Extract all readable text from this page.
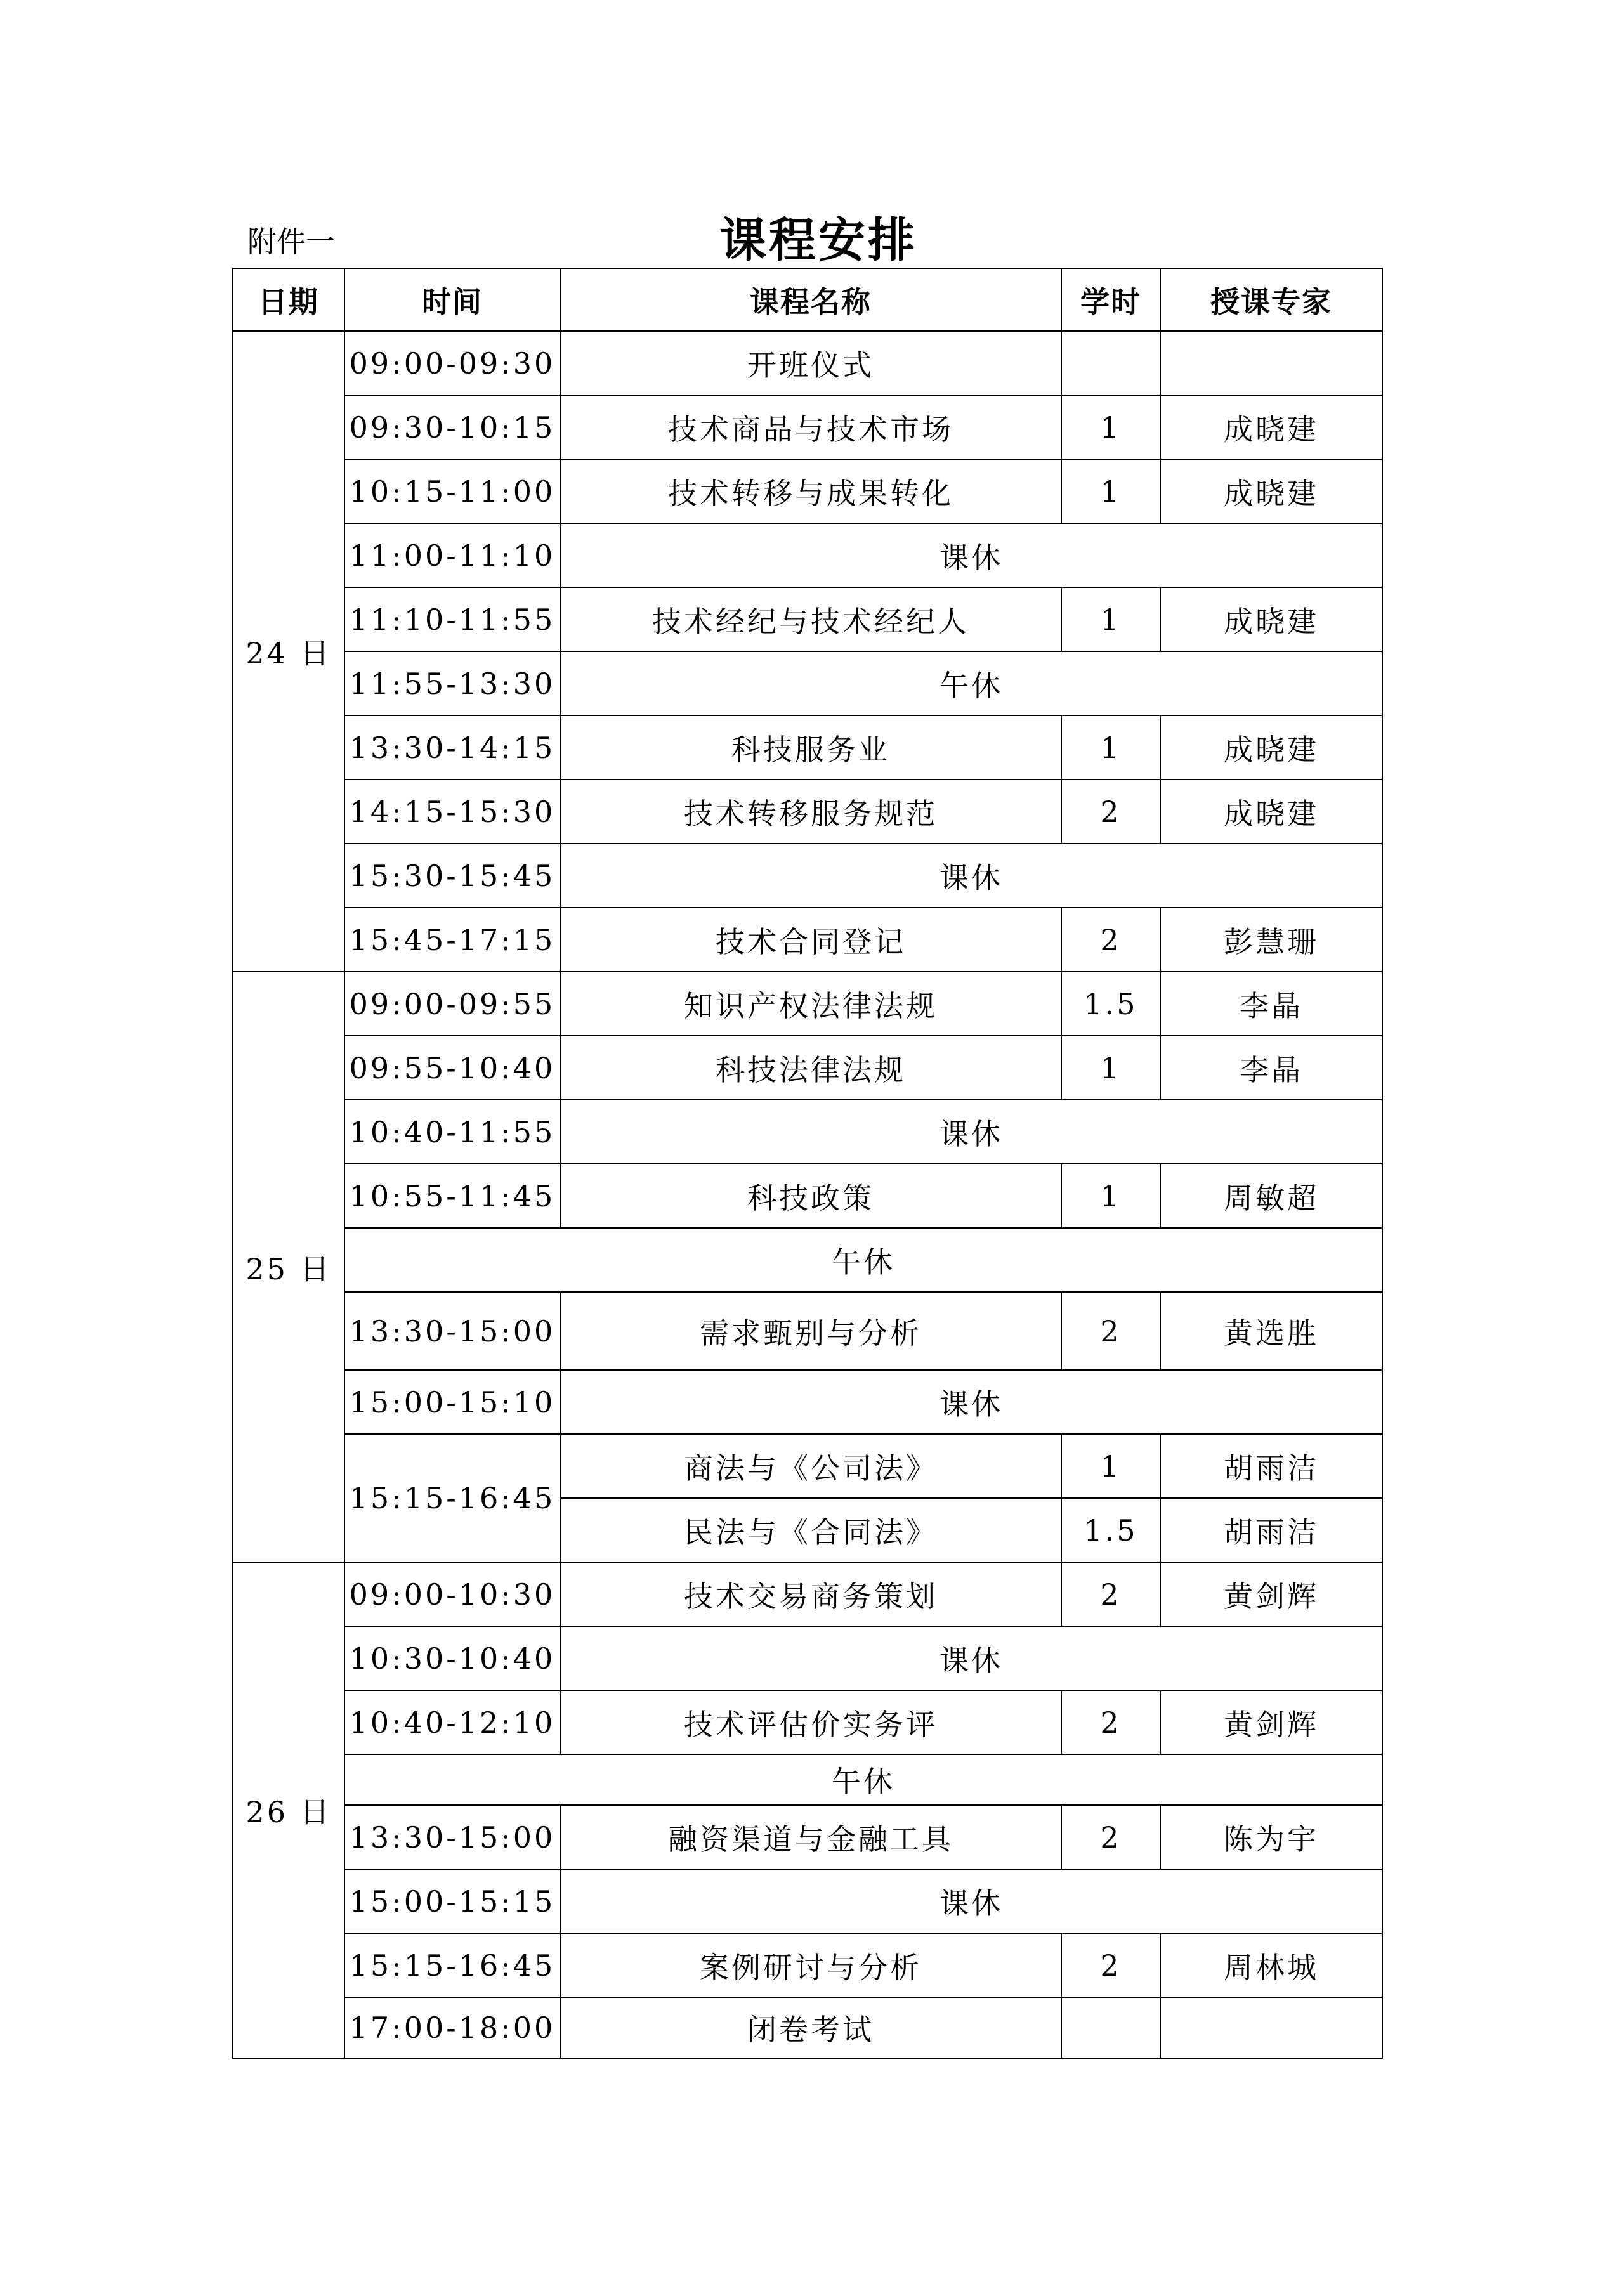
附件一	课程安排
日期	时间	课程名称	学时	授课专家
24 日	09:00-09:30	开班仪式		
	09:30-10:15	技术商品与技术市场	1	成晓建
	10:15-11:00	技术转移与成果转化	1	成晓建
	11:00-11:10	课休		
	11:10-11:55	技术经纪与技术经纪人	1	成晓建
	11:55-13:30	午休		
	13:30-14:15	科技服务业	1	成晓建
	14:15-15:30	技术转移服务规范	2	成晓建
	15:30-15:45	课休		
	15:45-17:15	技术合同登记	2	彭慧珊
25 日	09:00-09:55	知识产权法律法规	1.5	李晶
	09:55-10:40	科技法律法规	1	李晶
	10:40-11:55	课休		
	10:55-11:45	科技政策	1	周敏超
	午休			
	13:30-15:00	需求甄别与分析	2	黄选胜
	15:00-15:10	课休		
	15:15-16:45	商法与《公司法》	1	胡雨洁
		民法与《合同法》	1.5	胡雨洁
26 日	09:00-10:30	技术交易商务策划	2	黄剑辉
	10:30-10:40	课休		
	10:40-12:10	技术评估价实务评	2	黄剑辉
	午休			
	13:30-15:00	融资渠道与金融工具	2	陈为宇
	15:00-15:15	课休		
	15:15-16:45	案例研讨与分析	2	周林城
	17:00-18:00	闭卷考试		
